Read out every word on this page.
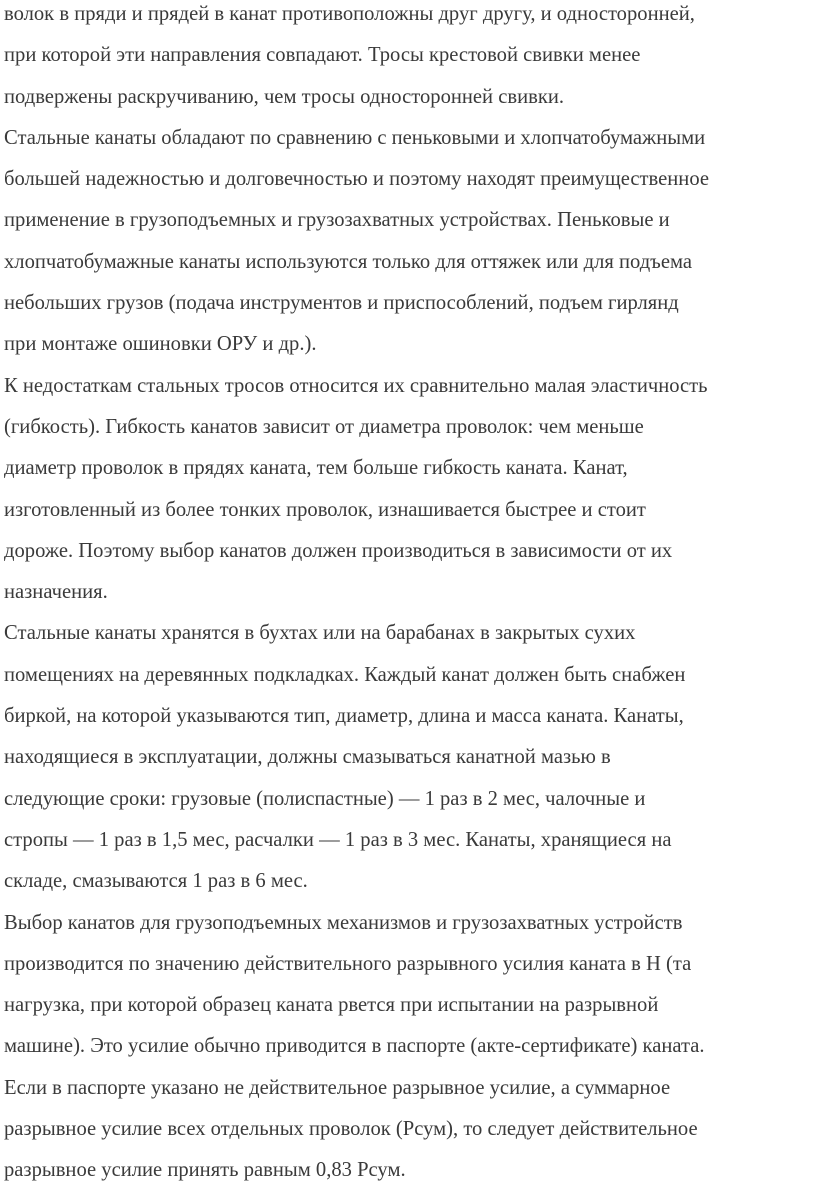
волок в пряди и прядей в канат противоположны друг другу, и односторонней,
при которой эти направления совпадают. Тросы крестовой свивки менее
подвержены раскручиванию, чем тросы односторонней свивки.
Стальные канаты обладают по сравнению с пеньковыми и хлопчатобумажными
большей надежностью и долговечностью и поэтому находят преимущественное
применение в грузоподъемных и грузозахватных устройствах. Пеньковые и
хлопчатобумажные канаты используются только для оттяжек или для подъема
небольших грузов (подача инструментов и приспособлений, подъем гирлянд
при монтаже ошиновки ОРУ и др.).
К недостаткам стальных тросов относится их сравнительно малая эластичность
(гибкость). Гибкость канатов зависит от диаметра проволок: чем меньше
диаметр проволок в прядях каната, тем больше гибкость каната. Канат,
изготовленный из более тонких проволок, изнашивается быстрее и стоит
дороже. Поэтому выбор канатов должен производиться в зависимости от их
назначения.
Стальные канаты хранятся в бухтах или на барабанах в закрытых сухих
помещениях на деревянных подкладках. Каждый канат должен быть снабжен
биркой, на которой указываются тип, диаметр, длина и масса каната. Канаты,
находящиеся в эксплуатации, должны смазываться канатной мазью в
следующие сроки: грузовые (полиспастные) — 1 раз в 2 мес, чалочные и
стропы — 1 раз в 1,5 мес, расчалки — 1 раз в 3 мес. Канаты, хранящиеся на
складе, смазываются 1 раз в 6 мес.
Выбор канатов для грузоподъемных механизмов и грузозахватных устройств
производится по значению действительного разрывного усилия каната в Н (та
нагрузка, при которой образец каната рвется при испытании на разрывной
машине). Это усилие обычно приводится в паспорте (акте-сертификате) каната.
Если в паспорте указано не действительное разрывное усилие, а суммарное
разрывное усилие всех отдельных проволок (Рсум), то следует действительное
разрывное усилие принять равным 0,83 Рсум.
